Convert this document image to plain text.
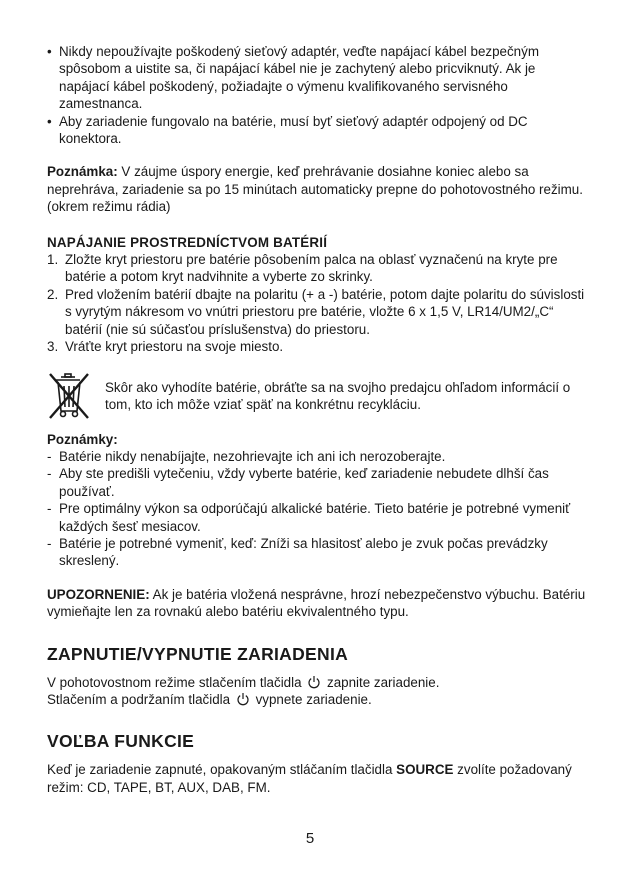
• Nikdy nepoužívajte poškodený sieťový adaptér, veďte napájací kábel bezpečným spôsobom a uistite sa, či napájací kábel nie je zachytený alebo pricviknutý. Ak je napájací kábel poškodený, požiadajte o výmenu kvalifikovaného servisného zamestnanca.
• Aby zariadenie fungovalo na batérie, musí byť sieťový adaptér odpojený od DC konektora.

Poznámka: V záujme úspory energie, keď prehrávanie dosiahne koniec alebo sa neprehráva, zariadenie sa po 15 minútach automaticky prepne do pohotovostného režimu. (okrem režimu rádia)

NAPÁJANIE PROSTREDNÍCTVOM BATÉRIÍ

1. Zložte kryt priestoru pre batérie pôsobením palca na oblasť vyznačenú na kryte pre batérie a potom kryt nadvihnite a vyberte zo skrinky.
2. Pred vložením batérií dbajte na polaritu (+ a -) batérie, potom dajte polaritu do súvislosti s vyrytým nákresom vo vnútri priestoru pre batérie, vložte 6 x 1,5 V, LR14/UM2/„C“ batérií (nie sú súčasťou príslušenstva) do priestoru.
3. Vráťte kryt priestoru na svoje miesto.

Skôr ako vyhodíte batérie, obráťte sa na svojho predajcu ohľadom informácií o tom, kto ich môže vziať späť na konkrétnu recykláciu.

Poznámky:

- Batérie nikdy nenabíjajte, nezohrievajte ich ani ich nerozoberajte.
- Aby ste predišli vytečeniu, vždy vyberte batérie, keď zariadenie nebudete dlhší čas používať.
- Pre optimálny výkon sa odporúčajú alkalické batérie. Tieto batérie je potrebné vymeniť každých šesť mesiacov.
- Batérie je potrebné vymeniť, keď: Zníži sa hlasitosť alebo je zvuk počas prevádzky skreslený.

UPOZORNENIE: Ak je batéria vložená nesprávne, hrozí nebezpečenstvo výbuchu. Batériu vymieňajte len za rovnakú alebo batériu ekvivalentného typu.

ZAPNUTIE/VYPNUTIE ZARIADENIA

V pohotovostnom režime stlačením tlačidla zapnite zariadenie.

Stlačením a podržaním tlačidla vypnete zariadenie.

VOĽBA FUNKCIE

Keď je zariadenie zapnuté, opakovaným stláčaním tlačidla SOURCE zvolíte požadovaný režim: CD, TAPE, BT, AUX, DAB, FM.

5
